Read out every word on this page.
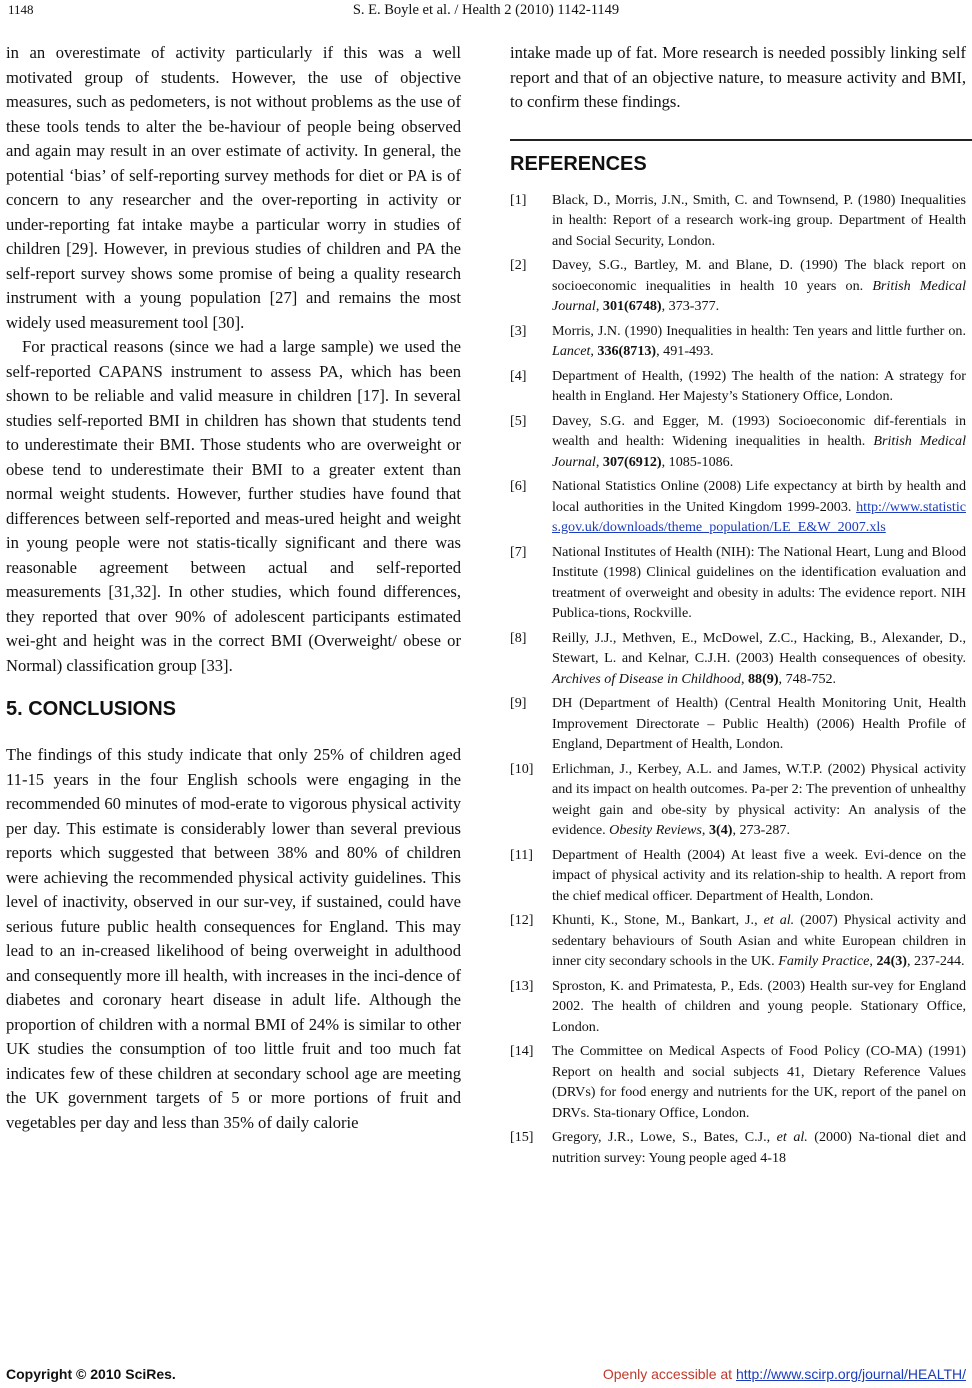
1148	S. E. Boyle et al. / Health 2 (2010) 1142-1149

in an overestimate of activity particularly if this was a well motivated group of students. However, the use of objective measures, such as pedometers, is not without problems as the use of these tools tends to alter the be-haviour of people being observed and again may result in an over estimate of activity. In general, the potential ‘bias’ of self-reporting survey methods for diet or PA is of concern to any researcher and the over-reporting in activity or under-reporting fat intake maybe a particular worry in studies of children [29]. However, in previous studies of children and PA the self-report survey shows some promise of being a quality research instrument with a young population [27] and remains the most widely used measurement tool [30].

For practical reasons (since we had a large sample) we used the self-reported CAPANS instrument to assess PA, which has been shown to be reliable and valid measure in children [17]. In several studies self-reported BMI in children has shown that students tend to underestimate their BMI. Those students who are overweight or obese tend to underestimate their BMI to a greater extent than normal weight students. However, further studies have found that differences between self-reported and meas-ured height and weight in young people were not statis-tically significant and there was reasonable agreement between actual and self-reported measurements [31,32]. In other studies, which found differences, they reported that over 90% of adolescent participants estimated wei-ght and height was in the correct BMI (Overweight/ obese or Normal) classification group [33].

5. CONCLUSIONS

The findings of this study indicate that only 25% of children aged 11-15 years in the four English schools were engaging in the recommended 60 minutes of mod-erate to vigorous physical activity per day. This estimate is considerably lower than several previous reports which suggested that between 38% and 80% of children were achieving the recommended physical activity guidelines. This level of inactivity, observed in our sur-vey, if sustained, could have serious future public health consequences for England. This may lead to an in-creased likelihood of being overweight in adulthood and consequently more ill health, with increases in the inci-dence of diabetes and coronary heart disease in adult life. Although the proportion of children with a normal BMI of 24% is similar to other UK studies the consumption of too little fruit and too much fat indicates few of these children at secondary school age are meeting the UK government targets of 5 or more portions of fruit and vegetables per day and less than 35% of daily calorie

intake made up of fat. More research is needed possibly linking self report and that of an objective nature, to measure activity and BMI, to confirm these findings.

REFERENCES
[1] Black, D., Morris, J.N., Smith, C. and Townsend, P. (1980) Inequalities in health: Report of a research work-ing group. Department of Health and Social Security, London.
[2] Davey, S.G., Bartley, M. and Blane, D. (1990) The black report on socioeconomic inequalities in health 10 years on. British Medical Journal, 301(6748), 373-377.
[3] Morris, J.N. (1990) Inequalities in health: Ten years and little further on. Lancet, 336(8713), 491-493.
[4] Department of Health, (1992) The health of the nation: A strategy for health in England. Her Majesty’s Stationery Office, London.
[5] Davey, S.G. and Egger, M. (1993) Socioeconomic dif-ferentials in wealth and health: Widening inequalities in health. British Medical Journal, 307(6912), 1085-1086.
[6] National Statistics Online (2008) Life expectancy at birth by health and local authorities in the United Kingdom 1999-2003. http://www.statistics.gov.uk/downloads/theme_population/LE_E&W_2007.xls
[7] National Institutes of Health (NIH): The National Heart, Lung and Blood Institute (1998) Clinical guidelines on the identification evaluation and treatment of overweight and obesity in adults: The evidence report. NIH Publica-tions, Rockville.
[8] Reilly, J.J., Methven, E., McDowel, Z.C., Hacking, B., Alexander, D., Stewart, L. and Kelnar, C.J.H. (2003) Health consequences of obesity. Archives of Disease in Childhood, 88(9), 748-752.
[9] DH (Department of Health) (Central Health Monitoring Unit, Health Improvement Directorate – Public Health) (2006) Health Profile of England, Department of Health, London.
[10] Erlichman, J., Kerbey, A.L. and James, W.T.P. (2002) Physical activity and its impact on health outcomes. Pa-per 2: The prevention of unhealthy weight gain and obe-sity by physical activity: An analysis of the evidence. Obesity Reviews, 3(4), 273-287.
[11] Department of Health (2004) At least five a week. Evi-dence on the impact of physical activity and its relation-ship to health. A report from the chief medical officer. Department of Health, London.
[12] Khunti, K., Stone, M., Bankart, J., et al. (2007) Physical activity and sedentary behaviours of South Asian and white European children in inner city secondary schools in the UK. Family Practice, 24(3), 237-244.
[13] Sproston, K. and Primatesta, P., Eds. (2003) Health sur-vey for England 2002. The health of children and young people. Stationary Office, London.
[14] The Committee on Medical Aspects of Food Policy (CO-MA) (1991) Report on health and social subjects 41, Dietary Reference Values (DRVs) for food energy and nutrients for the UK, report of the panel on DRVs. Sta-tionary Office, London.
[15] Gregory, J.R., Lowe, S., Bates, C.J., et al. (2000) Na-tional diet and nutrition survey: Young people aged 4-18
Copyright © 2010 SciRes.	Openly accessible at http://www.scirp.org/journal/HEALTH/
